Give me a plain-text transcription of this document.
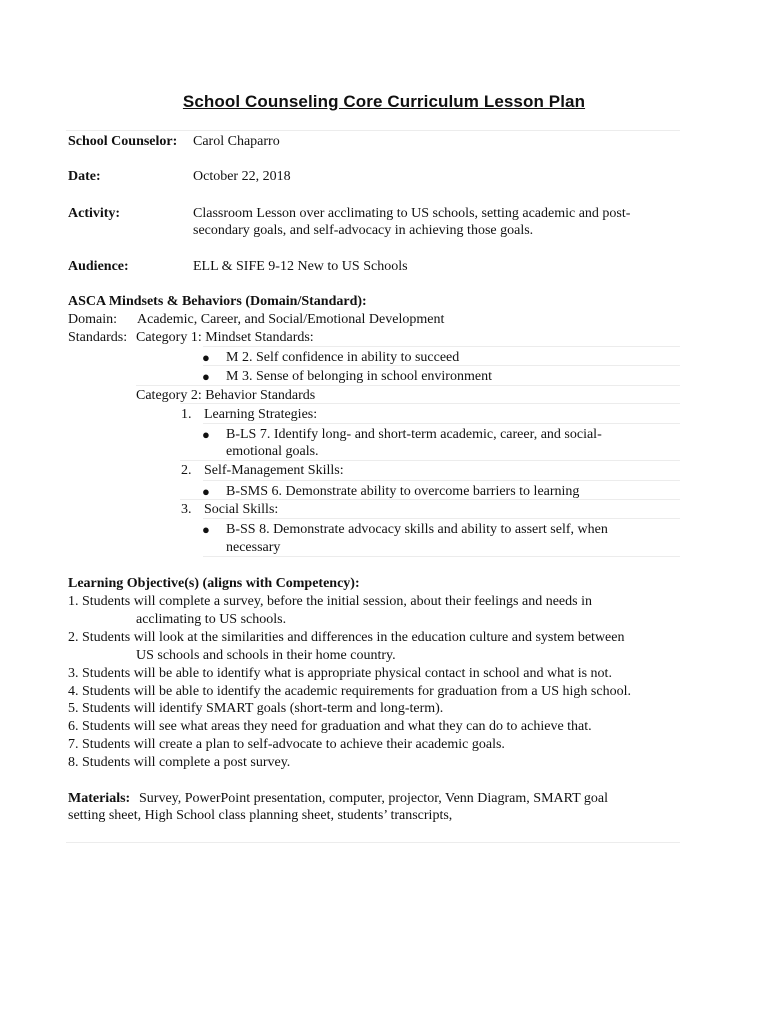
School Counseling Core Curriculum Lesson Plan
School Counselor: Carol Chaparro
Date:	October 22, 2018
Activity:	Classroom Lesson over acclimating to US schools, setting academic and post-
secondary goals, and self-advocacy in achieving those goals.
Audience:	ELL & SIFE 9-12 New to US Schools
ASCA Mindsets & Behaviors (Domain/Standard):
Domain: Academic, Career, and Social/Emotional Development
Standards: Category 1: Mindset Standards:
● M 2. Self confidence in ability to succeed
● M 3. Sense of belonging in school environment
Category 2: Behavior Standards
1. Learning Strategies:
● B-LS 7. Identify long- and short-term academic, career, and social-
emotional goals.
2. Self-Management Skills:
● B-SMS 6. Demonstrate ability to overcome barriers to learning
3. Social Skills:
● B-SS 8. Demonstrate advocacy skills and ability to assert self, when
necessary
Learning Objective(s) (aligns with Competency):
1. Students will complete a survey, before the initial session, about their feelings and needs in
acclimating to US schools.
2. Students will look at the similarities and differences in the education culture and system between
US schools and schools in their home country.
3. Students will be able to identify what is appropriate physical contact in school and what is not.
4. Students will be able to identify the academic requirements for graduation from a US high school.
5. Students will identify SMART goals (short-term and long-term).
6. Students will see what areas they need for graduation and what they can do to achieve that.
7. Students will create a plan to self-advocate to achieve their academic goals.
8. Students will complete a post survey.
Materials: Survey, PowerPoint presentation, computer, projector, Venn Diagram, SMART goal
setting sheet, High School class planning sheet, students’ transcripts,
